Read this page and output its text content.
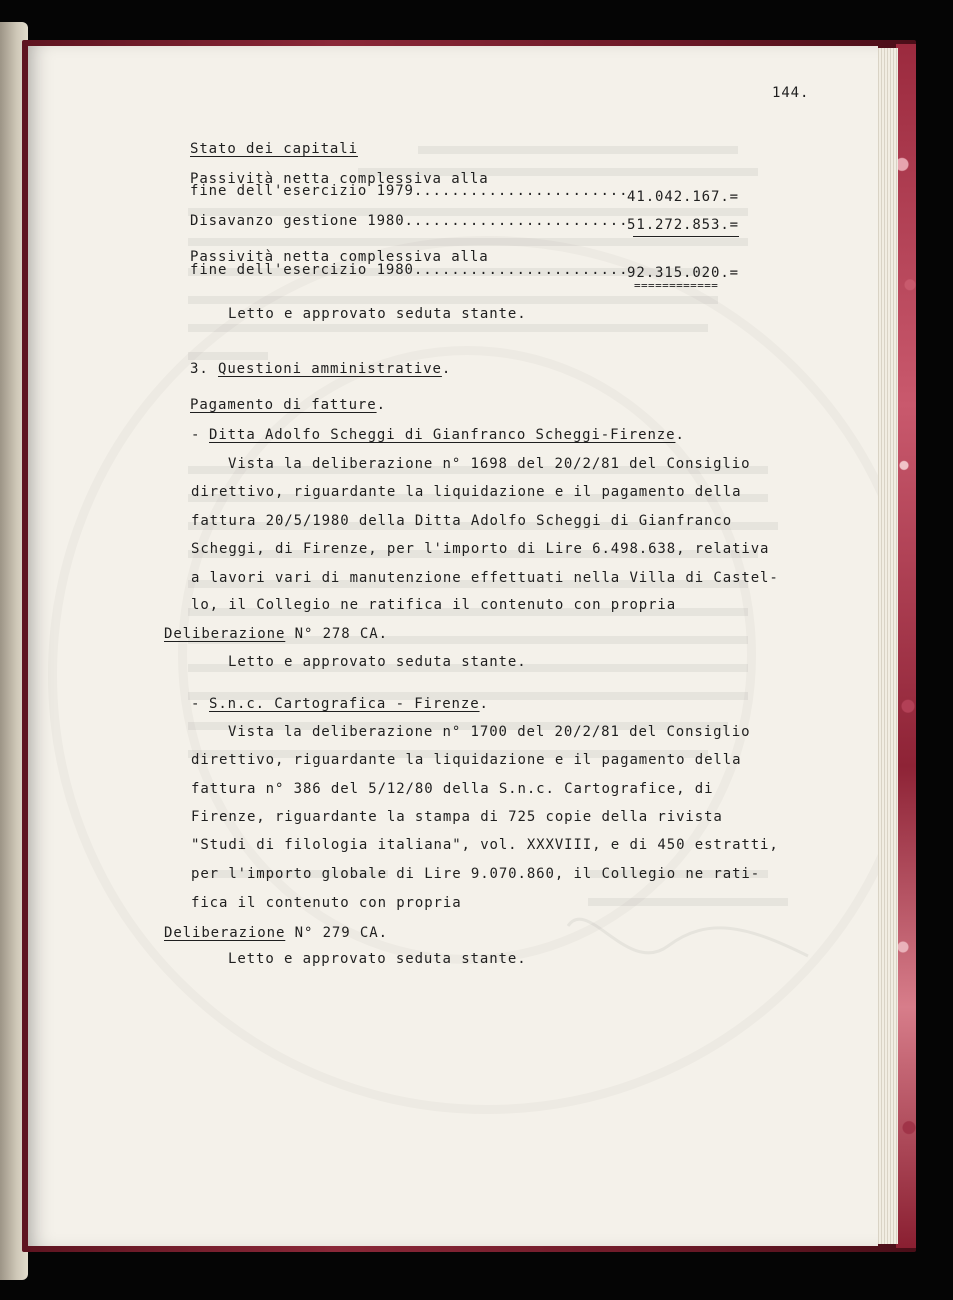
144.
Stato dei capitali
Passività netta complessiva alla
fine dell'esercizio 1979.......................
41.042.167.=
Disavanzo gestione 1980........................
51.272.853.=
Passività netta complessiva alla
fine dell'esercizio 1980.......................
92.315.020.=
============
Letto e approvato seduta stante.
3. Questioni amministrative.
Pagamento di fatture.
- Ditta Adolfo Scheggi di Gianfranco Scheggi-Firenze.
Vista la deliberazione n° 1698 del 20/2/81 del Consiglio
direttivo, riguardante la liquidazione e il pagamento della
fattura 20/5/1980 della Ditta Adolfo Scheggi di Gianfranco
Scheggi, di Firenze, per l'importo di Lire 6.498.638, relativa
a lavori vari di manutenzione effettuati nella Villa di Castel-
lo, il Collegio ne ratifica il contenuto con propria
Deliberazione N° 278 CA.
Letto e approvato seduta stante.
- S.n.c. Cartografica - Firenze.
Vista la deliberazione n° 1700 del 20/2/81 del Consiglio
direttivo, riguardante la liquidazione e il pagamento della
fattura n° 386 del 5/12/80 della S.n.c. Cartografice, di
Firenze, riguardante la stampa di 725 copie della rivista
"Studi di filologia italiana", vol. XXXVIII, e di 450 estratti,
per l'importo globale di Lire 9.070.860, il Collegio ne rati-
fica il contenuto con propria
Deliberazione N° 279 CA.
Letto e approvato seduta stante.
